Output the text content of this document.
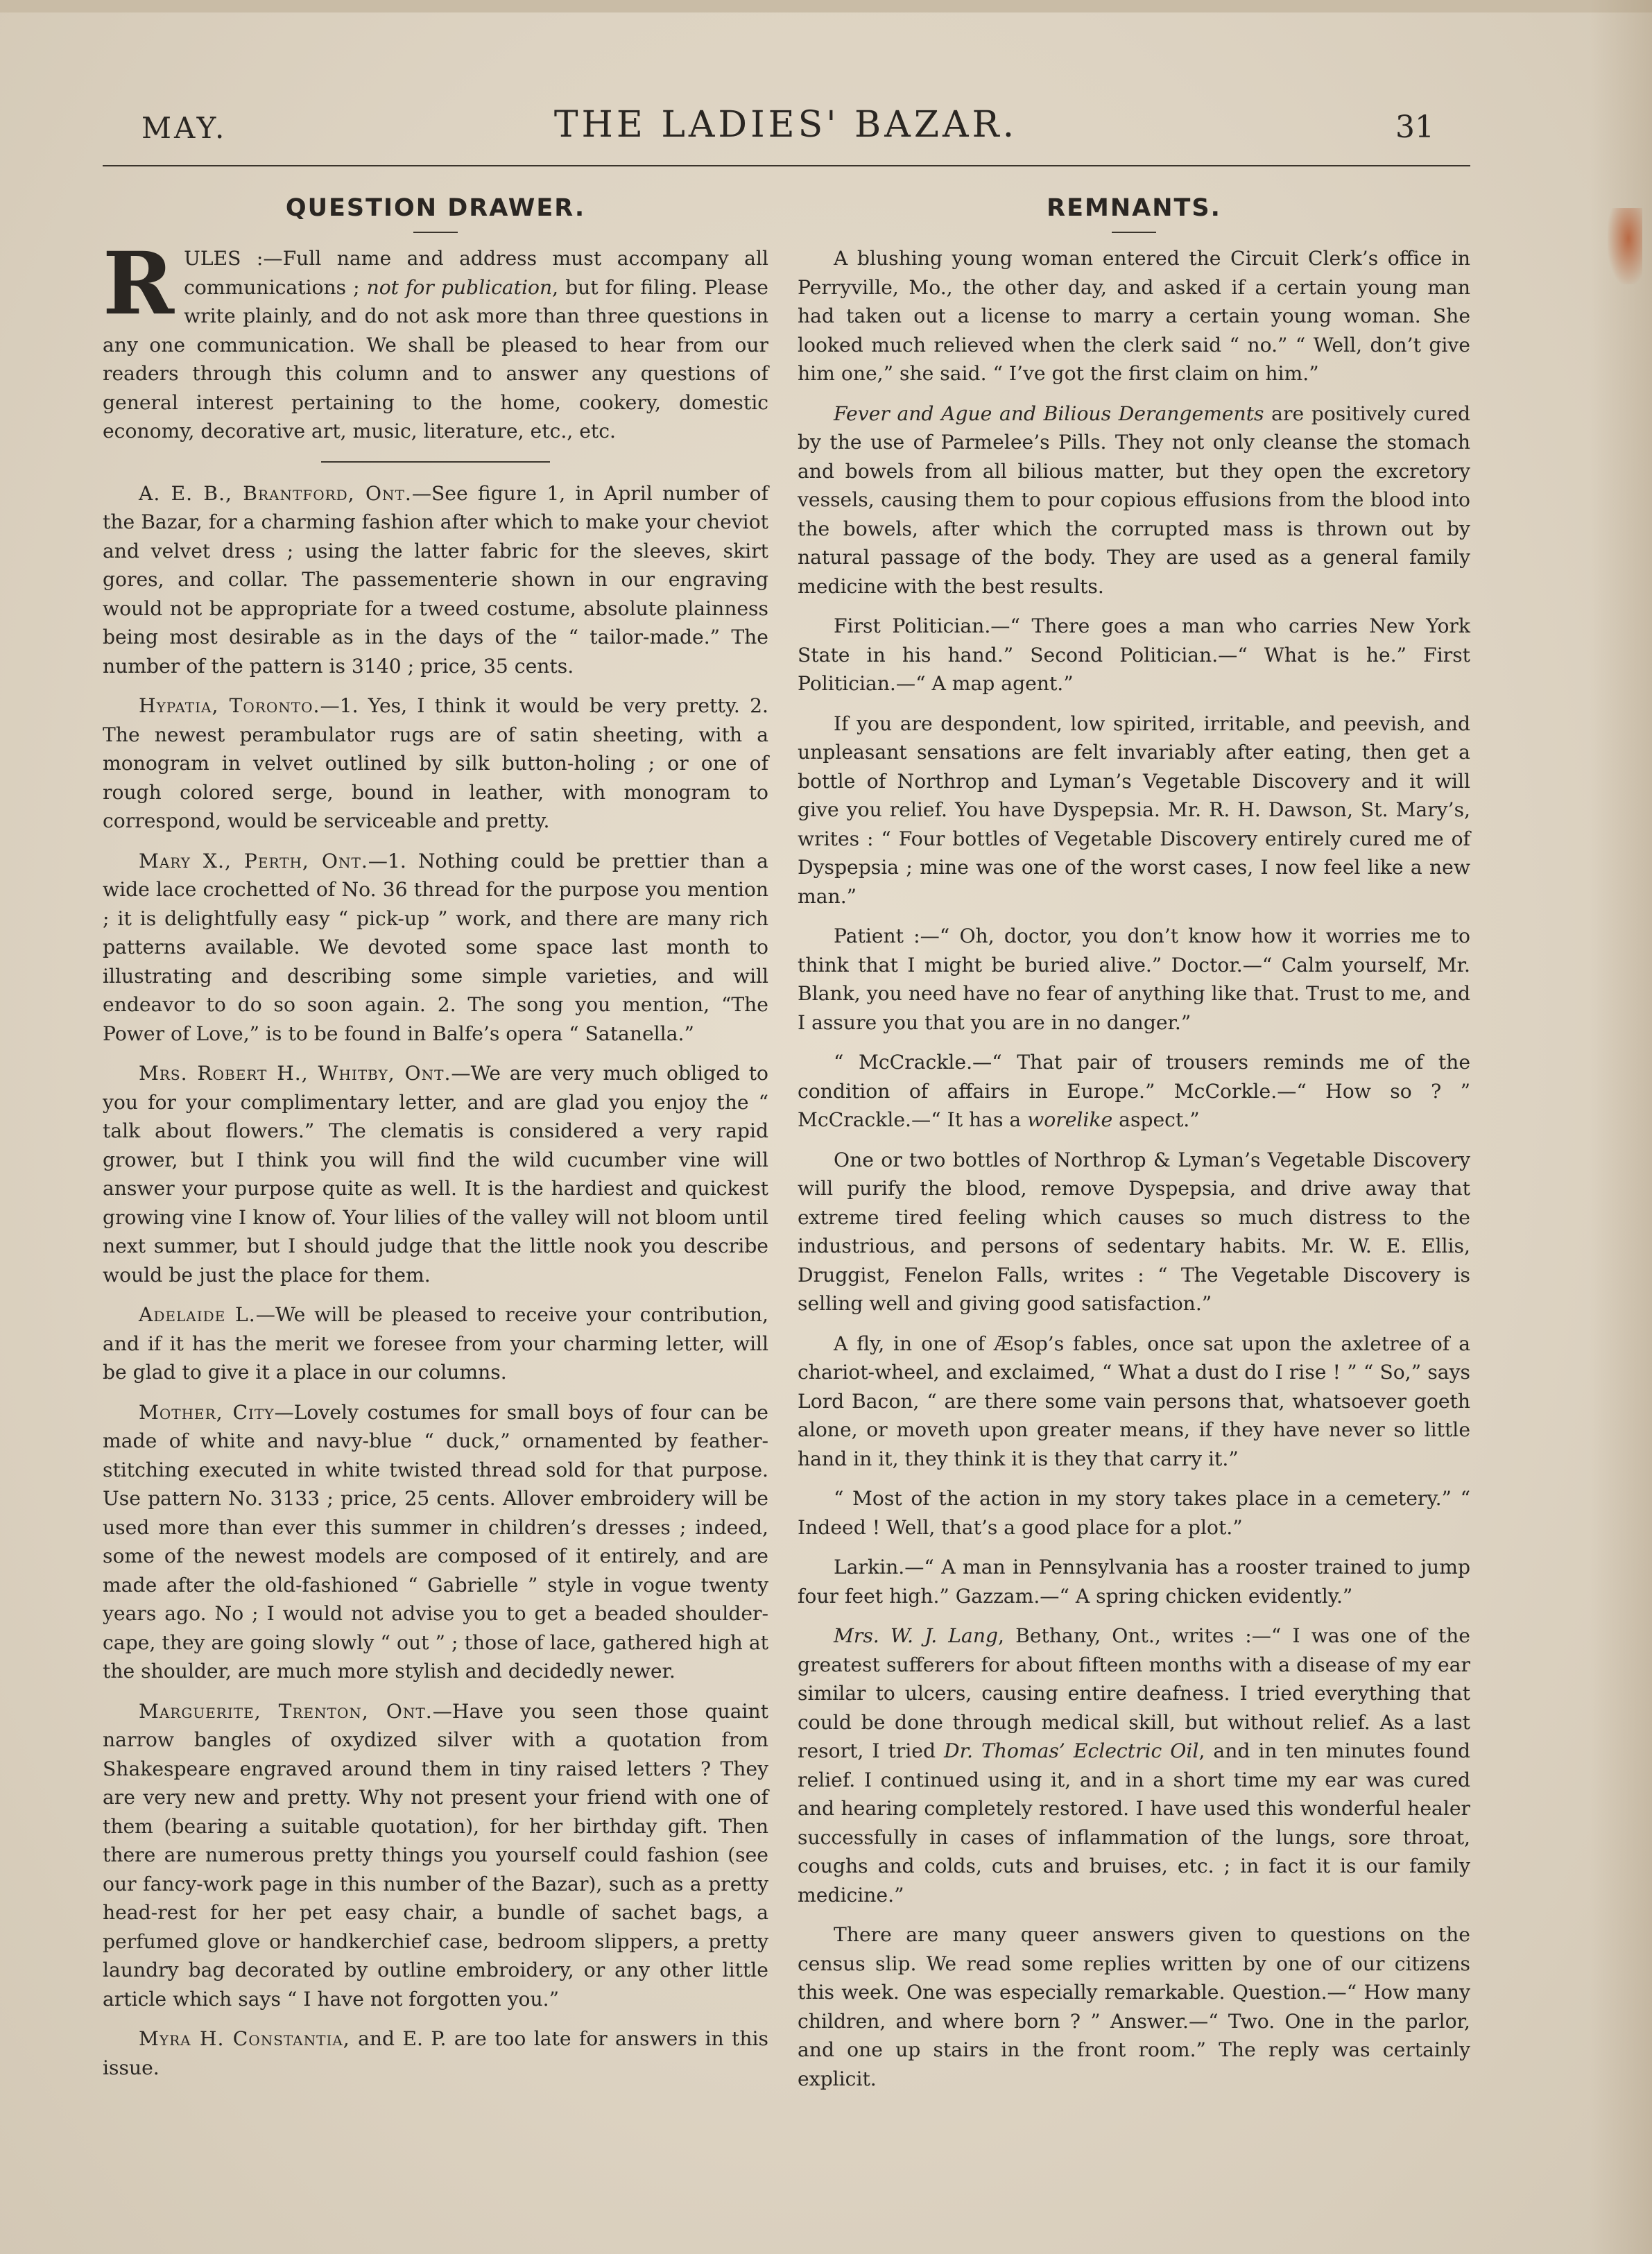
MAY.	THE LADIES' BAZAR.	31
QUESTION DRAWER.

RULES :—Full name and address must accompany all communications ; not for publication, but for filing. Please write plainly, and do not ask more than three questions in any one communication. We shall be pleased to hear from our readers through this column and to answer any questions of general interest pertaining to the home, cookery, domestic economy, decorative art, music, literature, etc., etc.

A. E. B., Brantford, Ont.—See figure 1, in April number of the Bazar, for a charming fashion after which to make your cheviot and velvet dress ; using the latter fabric for the sleeves, skirt gores, and collar. The passementerie shown in our engraving would not be appropriate for a tweed costume, absolute plainness being most desirable as in the days of the “ tailor-made.” The number of the pattern is 3140 ; price, 35 cents.

Hypatia, Toronto.—1. Yes, I think it would be very pretty. 2. The newest perambulator rugs are of satin sheeting, with a monogram in velvet outlined by silk button-holing ; or one of rough colored serge, bound in leather, with monogram to correspond, would be serviceable and pretty.

Mary X., Perth, Ont.—1. Nothing could be prettier than a wide lace crochetted of No. 36 thread for the purpose you mention ; it is delightfully easy “ pick-up ” work, and there are many rich patterns available. We devoted some space last month to illustrating and describing some simple varieties, and will endeavor to do so soon again. 2. The song you mention, “The Power of Love,” is to be found in Balfe’s opera “ Satanella.”

Mrs. Robert H., Whitby, Ont.—We are very much obliged to you for your complimentary letter, and are glad you enjoy the “ talk about flowers.” The clematis is considered a very rapid grower, but I think you will find the wild cucumber vine will answer your purpose quite as well. It is the hardiest and quickest growing vine I know of. Your lilies of the valley will not bloom until next summer, but I should judge that the little nook you describe would be just the place for them.

Adelaide L.—We will be pleased to receive your contribution, and if it has the merit we foresee from your charming letter, will be glad to give it a place in our columns.

Mother, City—Lovely costumes for small boys of four can be made of white and navy-blue “ duck,” ornamented by feather-stitching executed in white twisted thread sold for that purpose. Use pattern No. 3133 ; price, 25 cents. Allover embroidery will be used more than ever this summer in children’s dresses ; indeed, some of the newest models are composed of it entirely, and are made after the old-fashioned “ Gabrielle ” style in vogue twenty years ago. No ; I would not advise you to get a beaded shoulder-cape, they are going slowly “ out ” ; those of lace, gathered high at the shoulder, are much more stylish and decidedly newer.

Marguerite, Trenton, Ont.—Have you seen those quaint narrow bangles of oxydized silver with a quotation from Shakespeare engraved around them in tiny raised letters ? They are very new and pretty. Why not present your friend with one of them (bearing a suitable quotation), for her birthday gift. Then there are numerous pretty things you yourself could fashion (see our fancy-work page in this number of the Bazar), such as a pretty head-rest for her pet easy chair, a bundle of sachet bags, a perfumed glove or handkerchief case, bedroom slippers, a pretty laundry bag decorated by outline embroidery, or any other little article which says “ I have not forgotten you.”

Myra H. Constantia, and E. P. are too late for answers in this issue.

REMNANTS.

A blushing young woman entered the Circuit Clerk’s office in Perryville, Mo., the other day, and asked if a certain young man had taken out a license to marry a certain young woman. She looked much relieved when the clerk said “ no.” “ Well, don’t give him one,” she said. “ I’ve got the first claim on him.”

Fever and Ague and Bilious Derangements are positively cured by the use of Parmelee’s Pills. They not only cleanse the stomach and bowels from all bilious matter, but they open the excretory vessels, causing them to pour copious effusions from the blood into the bowels, after which the corrupted mass is thrown out by natural passage of the body. They are used as a general family medicine with the best results.

First Politician.—“ There goes a man who carries New York State in his hand.” Second Politician.—“ What is he.” First Politician.—“ A map agent.”

If you are despondent, low spirited, irritable, and peevish, and unpleasant sensations are felt invariably after eating, then get a bottle of Northrop and Lyman’s Vegetable Discovery and it will give you relief. You have Dyspepsia. Mr. R. H. Dawson, St. Mary’s, writes : “ Four bottles of Vegetable Discovery entirely cured me of Dyspepsia ; mine was one of the worst cases, I now feel like a new man.”

Patient :—“ Oh, doctor, you don’t know how it worries me to think that I might be buried alive.” Doctor.—“ Calm yourself, Mr. Blank, you need have no fear of anything like that. Trust to me, and I assure you that you are in no danger.”

“ McCrackle.—“ That pair of trousers reminds me of the condition of affairs in Europe.” McCorkle.—“ How so ? ” McCrackle.—“ It has a worelike aspect.”

One or two bottles of Northrop & Lyman’s Vegetable Discovery will purify the blood, remove Dyspepsia, and drive away that extreme tired feeling which causes so much distress to the industrious, and persons of sedentary habits. Mr. W. E. Ellis, Druggist, Fenelon Falls, writes : “ The Vegetable Discovery is selling well and giving good satisfaction.”

A fly, in one of Æsop’s fables, once sat upon the axletree of a chariot-wheel, and exclaimed, “ What a dust do I rise ! ” “ So,” says Lord Bacon, “ are there some vain persons that, whatsoever goeth alone, or moveth upon greater means, if they have never so little hand in it, they think it is they that carry it.”

“ Most of the action in my story takes place in a cemetery.” “ Indeed ! Well, that’s a good place for a plot.”

Larkin.—“ A man in Pennsylvania has a rooster trained to jump four feet high.” Gazzam.—“ A spring chicken evidently.”

Mrs. W. J. Lang, Bethany, Ont., writes :—“ I was one of the greatest sufferers for about fifteen months with a disease of my ear similar to ulcers, causing entire deafness. I tried everything that could be done through medical skill, but without relief. As a last resort, I tried Dr. Thomas’ Eclectric Oil, and in ten minutes found relief. I continued using it, and in a short time my ear was cured and hearing completely restored. I have used this wonderful healer successfully in cases of inflammation of the lungs, sore throat, coughs and colds, cuts and bruises, etc. ; in fact it is our family medicine.”

There are many queer answers given to questions on the census slip. We read some replies written by one of our citizens this week. One was especially remarkable. Question.—“ How many children, and where born ? ” Answer.—“ Two. One in the parlor, and one up stairs in the front room.” The reply was certainly explicit.
